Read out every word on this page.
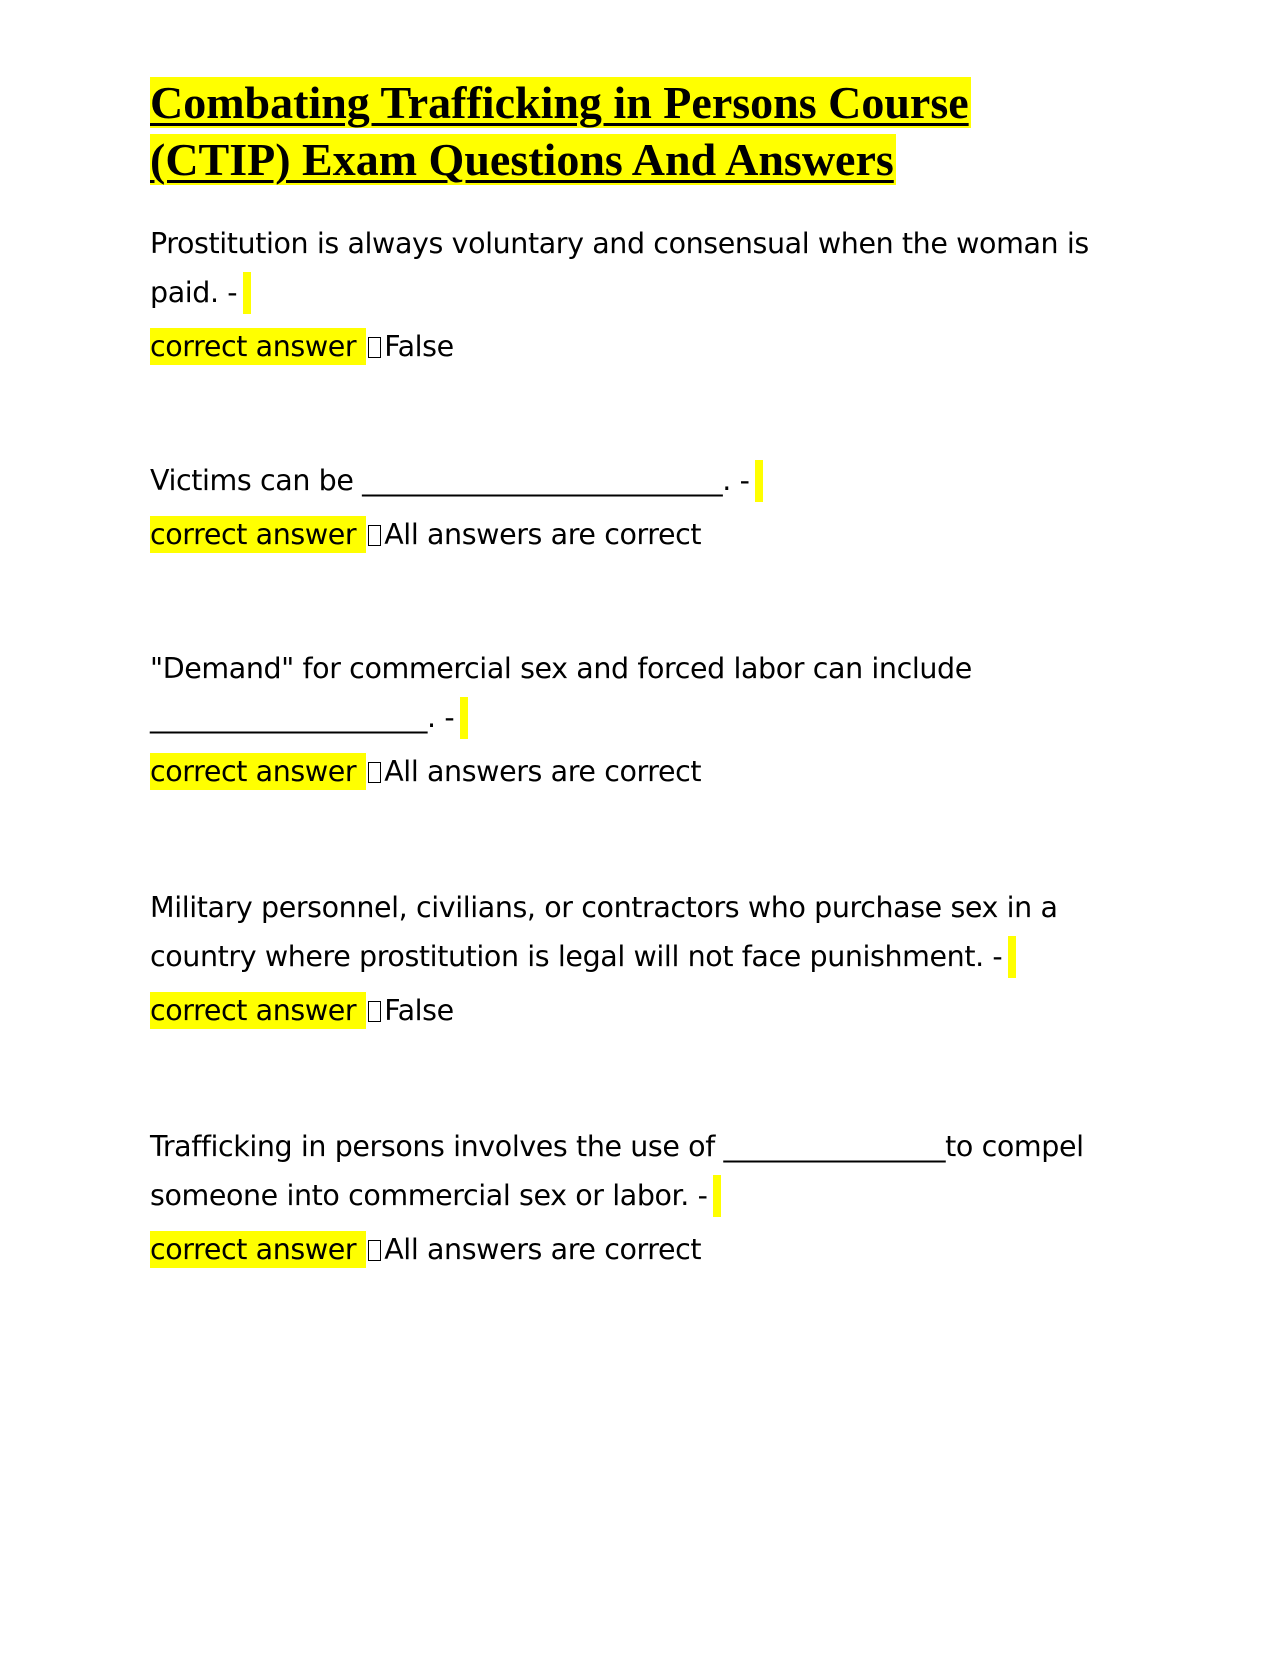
Combating Trafficking in Persons Course
(CTIP) Exam Questions And Answers

Prostitution is always voluntary and consensual when the woman is paid. -

correct answer False

Victims can be __________________________. -

correct answer All answers are correct

"Demand" for commercial sex and forced labor can include ____________________. -

correct answer All answers are correct

Military personnel, civilians, or contractors who purchase sex in a country where prostitution is legal will not face punishment. -

correct answer False

Trafficking in persons involves the use of ________________to compel someone into commercial sex or labor. -

correct answer All answers are correct
